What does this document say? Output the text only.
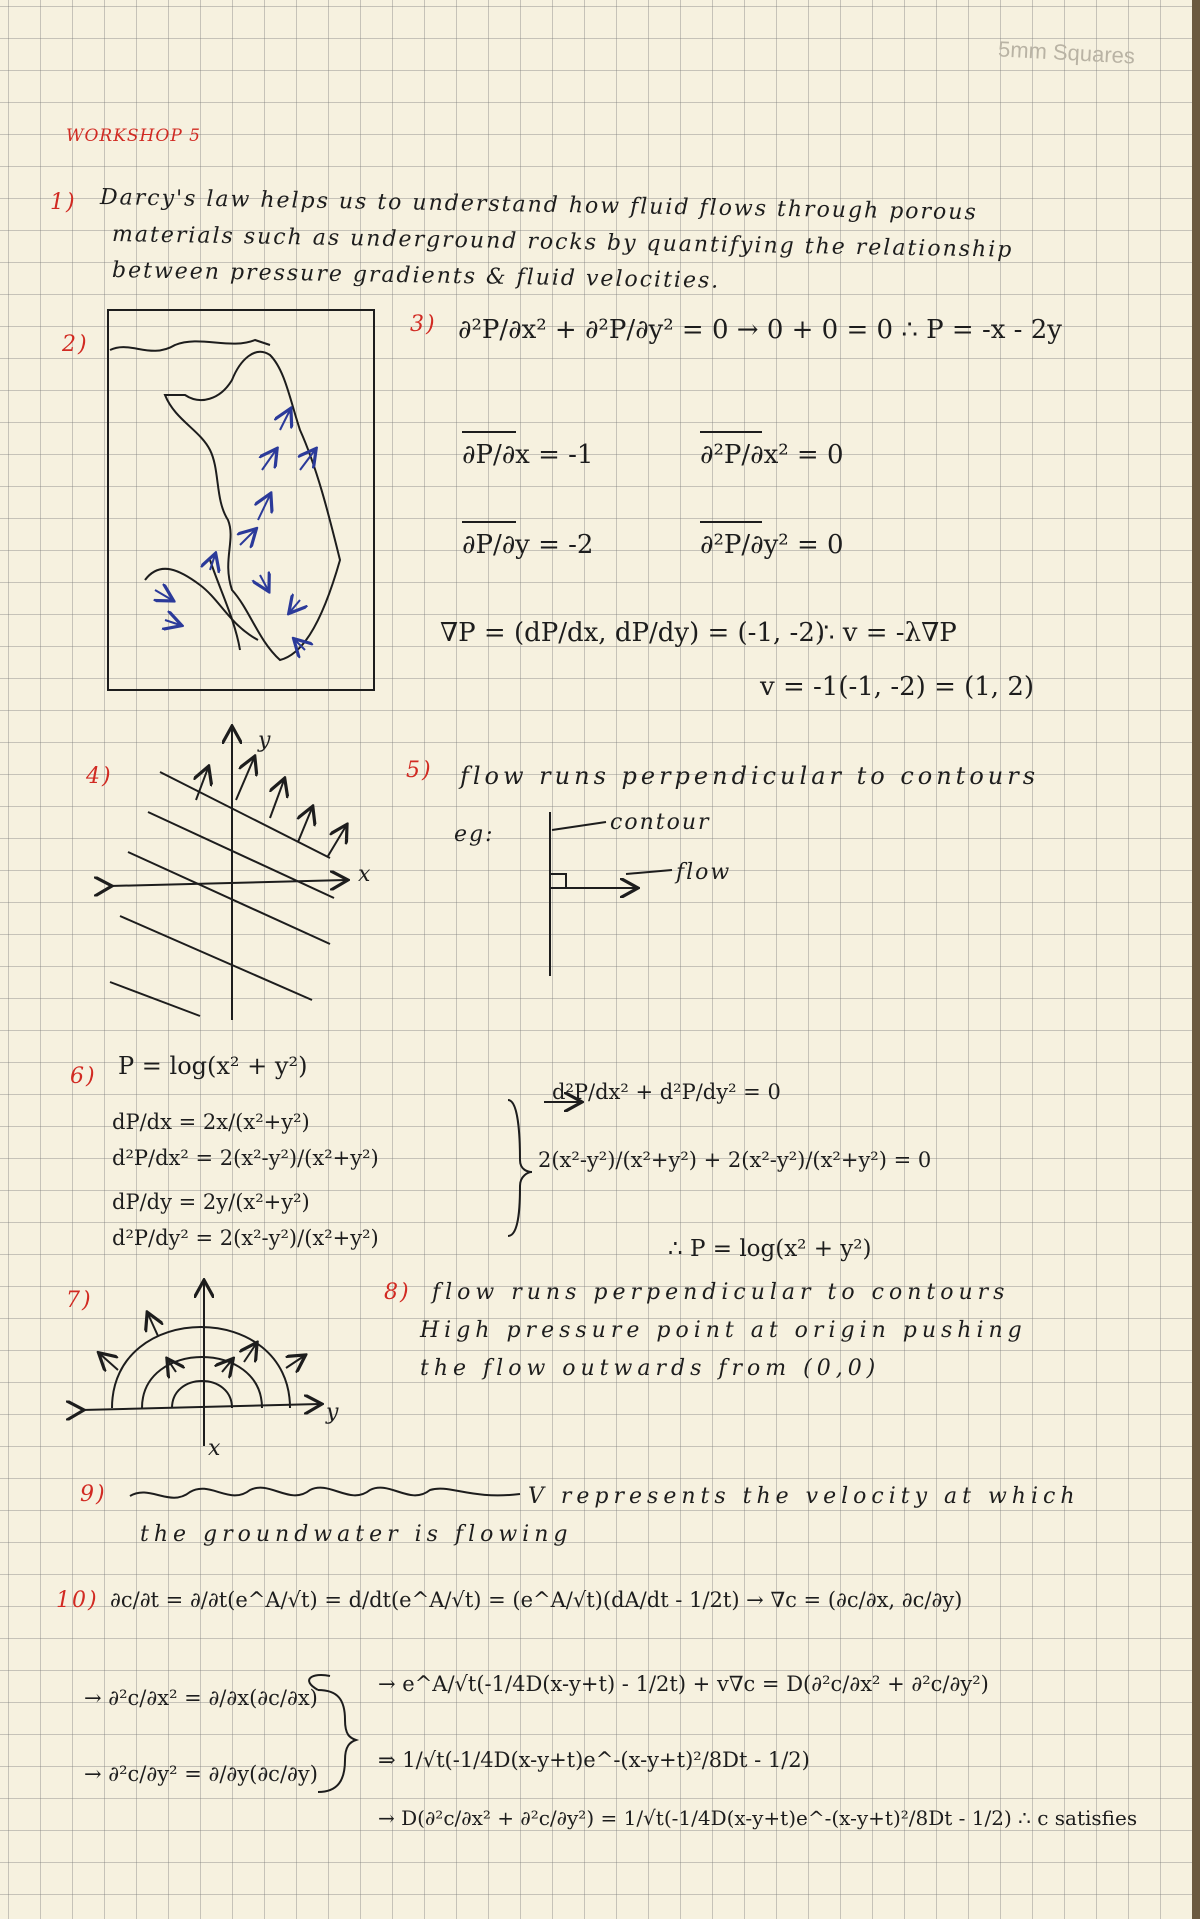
5mm Squares
WORKSHOP 5
1) Darcy's law helps us to understand how fluid flows through porous
materials such as underground rocks by quantifying the relationship
between pressure gradients & fluid velocities.
2)
3) ∂²P/∂x² + ∂²P/∂y² = 0 → 0 + 0 = 0 ∴ P = -x - 2y
∂P/∂x = -1	∂²P/∂x² = 0
∂P/∂y = -2	∂²P/∂y² = 0
∇P = (dP/dx, dP/dy) = (-1, -2)
∴ v = -λ∇P
v = -1(-1, -2) = (1, 2)
4)
x
y
5) flow runs perpendicular to contours
eg:	contour
flow
6) P = log(x² + y²)
dP/dx = 2x/(x²+y²)
dP/dy = 2y/(x²+y²)
d²P/dx² = 2(x²-y²)/(x²+y²)
d²P/dy² = 2(x²-y²)/(x²+y²)
d²P/dx² + d²P/dy² = 0
2(x²-y²)/(x²+y²) + 2(x²-y²)/(x²+y²) = 0
∴ P = log(x² + y²)
7)
x
y
8) flow runs perpendicular to contours
High pressure point at origin pushing
the flow outwards from (0,0)
9)	V represents the velocity at which
the groundwater is flowing
10) ∂c/∂t = ∂/∂t(e^A/√t) = d/dt(e^A/√t) = (e^A/√t)(dA/dt - 1/2t) → ∇c = (∂c/∂x, ∂c/∂y)
→ ∂²c/∂x² = ∂/∂x(∂c/∂x)
→ ∂²c/∂y² = ∂/∂y(∂c/∂y)
→ e^A/√t(-1/4D(x-y+t) - 1/2t) + v∇c = D(∂²c/∂x² + ∂²c/∂y²)
⇒ 1/√t(-1/4D(x-y+t)e^-(x-y+t)²/8Dt - 1/2)
→ D(∂²c/∂x² + ∂²c/∂y²) = 1/√t(-1/4D(x-y+t)e^-(x-y+t)²/8Dt - 1/2) ∴ c satisfies
